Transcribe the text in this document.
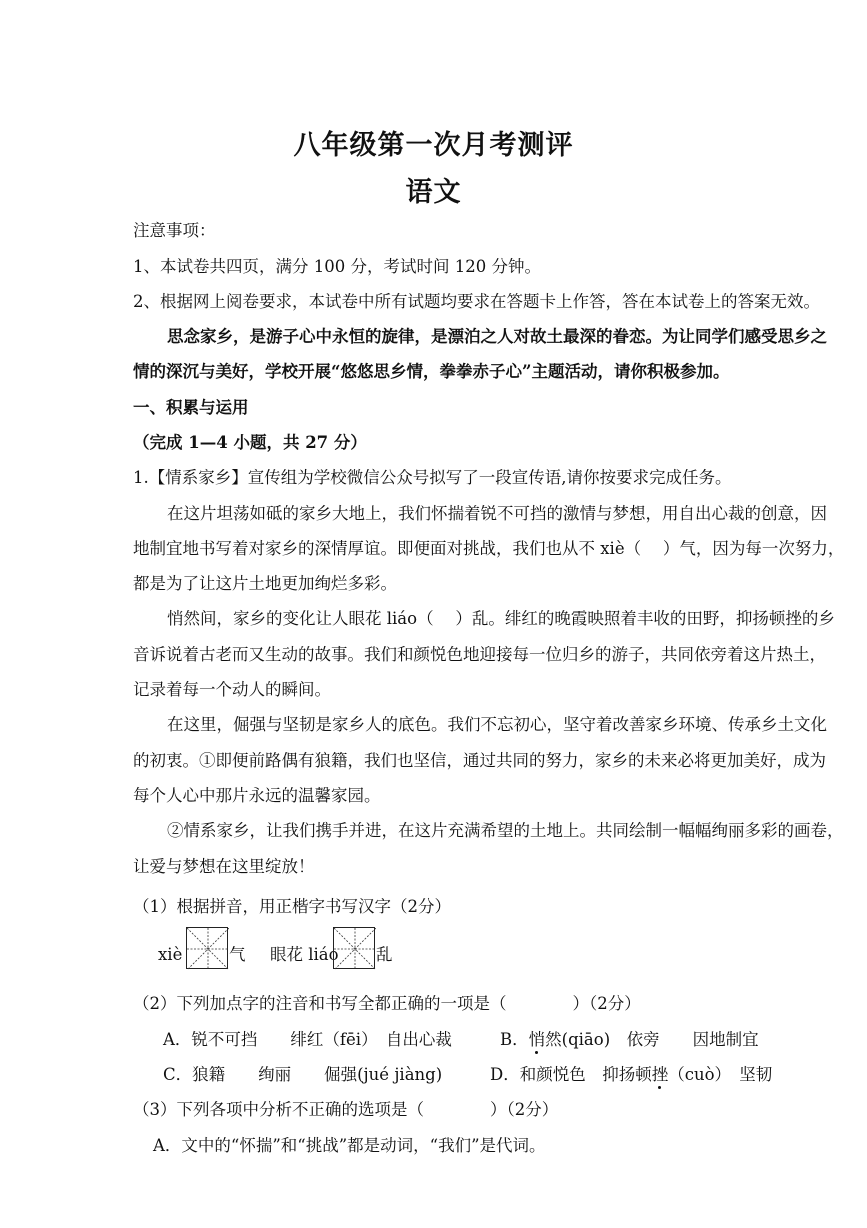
八年级第一次月考测评
语文
注意事项：
1、本试卷共四页，满分 100 分，考试时间 120 分钟。
2、根据网上阅卷要求，本试卷中所有试题均要求在答题卡上作答，答在本试卷上的答案无效。
思念家乡，是游子心中永恒的旋律，是漂泊之人对故土最深的眷恋。为让同学们感受思乡之
情的深沉与美好，学校开展“悠悠思乡情，拳拳赤子心”主题活动，请你积极参加。
一、积累与运用
（完成 1—4 小题，共 27 分）
1.【情系家乡】宣传组为学校微信公众号拟写了一段宣传语,请你按要求完成任务。
在这片坦荡如砥的家乡大地上，我们怀揣着锐不可挡的激情与梦想，用自出心裁的创意，因
地制宜地书写着对家乡的深情厚谊。即便面对挑战，我们也从不 xiè（　 ）气，因为每一次努力，
都是为了让这片土地更加绚烂多彩。
悄然间，家乡的变化让人眼花 liáo（　 ）乱。绯红的晚霞映照着丰收的田野，抑扬顿挫的乡
音诉说着古老而又生动的故事。我们和颜悦色地迎接每一位归乡的游子，共同依旁着这片热土，
记录着每一个动人的瞬间。
在这里，倔强与坚韧是家乡人的底色。我们不忘初心，坚守着改善家乡环境、传承乡土文化
的初衷。①即便前路偶有狼籍，我们也坚信，通过共同的努力，家乡的未来必将更加美好，成为
每个人心中那片永远的温馨家园。
②情系家乡，让我们携手并进，在这片充满希望的土地上。共同绘制一幅幅绚丽多彩的画卷，
让爱与梦想在这里绽放！
（1）根据拼音，用正楷字书写汉字（2分）
xiè	气 眼花 liáo 乱
（2）下列加点字的注音和书写全都正确的一项是（　　　　）（2分）
A．锐不可挡　　绯红（fēi）　自出心裁	B．悄然(qiāo)　依旁　　因地制宜
C．狼籍　　绚丽　　倔强(jué jiàng)	D．和颜悦色　抑扬顿挫（cuò）　坚韧
（3）下列各项中分析不正确的选项是（　　　　）（2分）
A．文中的“怀揣”和“挑战”都是动词，“我们”是代词。
